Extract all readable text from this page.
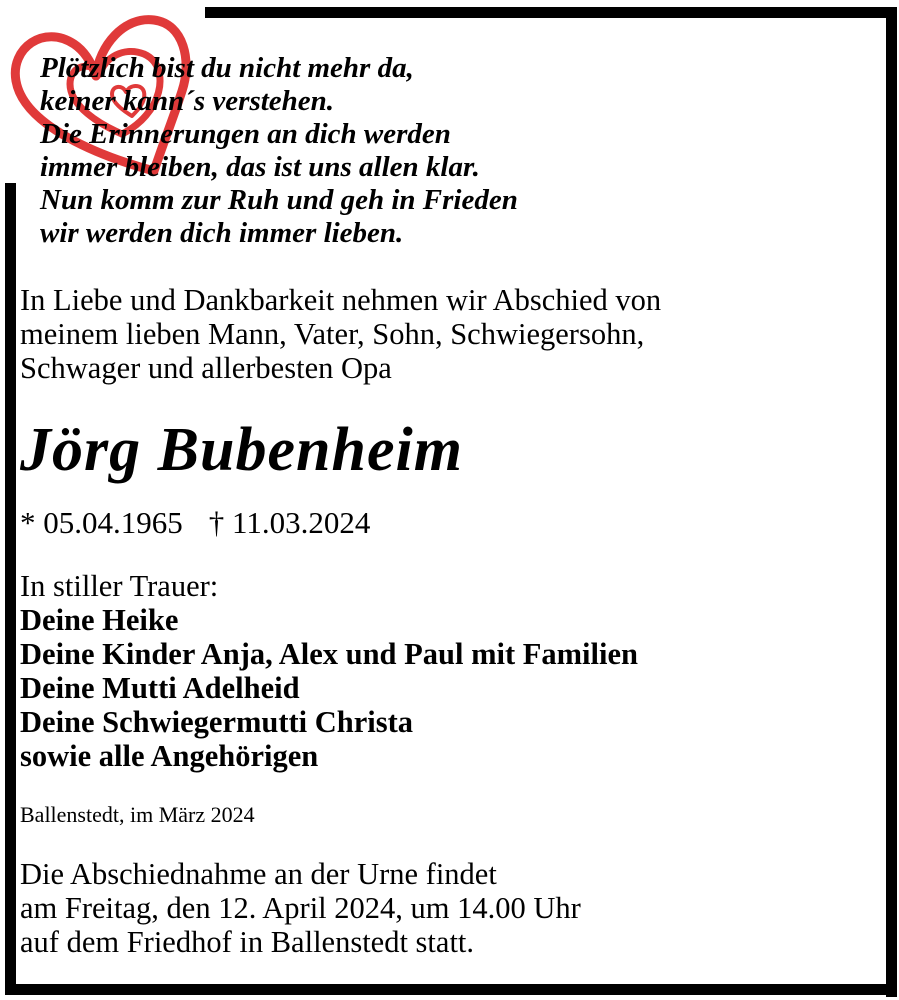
Plötzlich bist du nicht mehr da,
keiner kann´s verstehen.
Die Erinnerungen an dich werden
immer bleiben, das ist uns allen klar.
Nun komm zur Ruh und geh in Frieden
wir werden dich immer lieben.
In Liebe und Dankbarkeit nehmen wir Abschied von
meinem lieben Mann, Vater, Sohn, Schwiegersohn,
Schwager und allerbesten Opa
Jörg Bubenheim
* 05.04.1965 † 11.03.2024
In stiller Trauer:
Deine Heike
Deine Kinder Anja, Alex und Paul mit Familien
Deine Mutti Adelheid
Deine Schwiegermutti Christa
sowie alle Angehörigen
Ballenstedt, im März 2024
Die Abschiednahme an der Urne findet
am Freitag, den 12. April 2024, um 14.00 Uhr
auf dem Friedhof in Ballenstedt statt.
